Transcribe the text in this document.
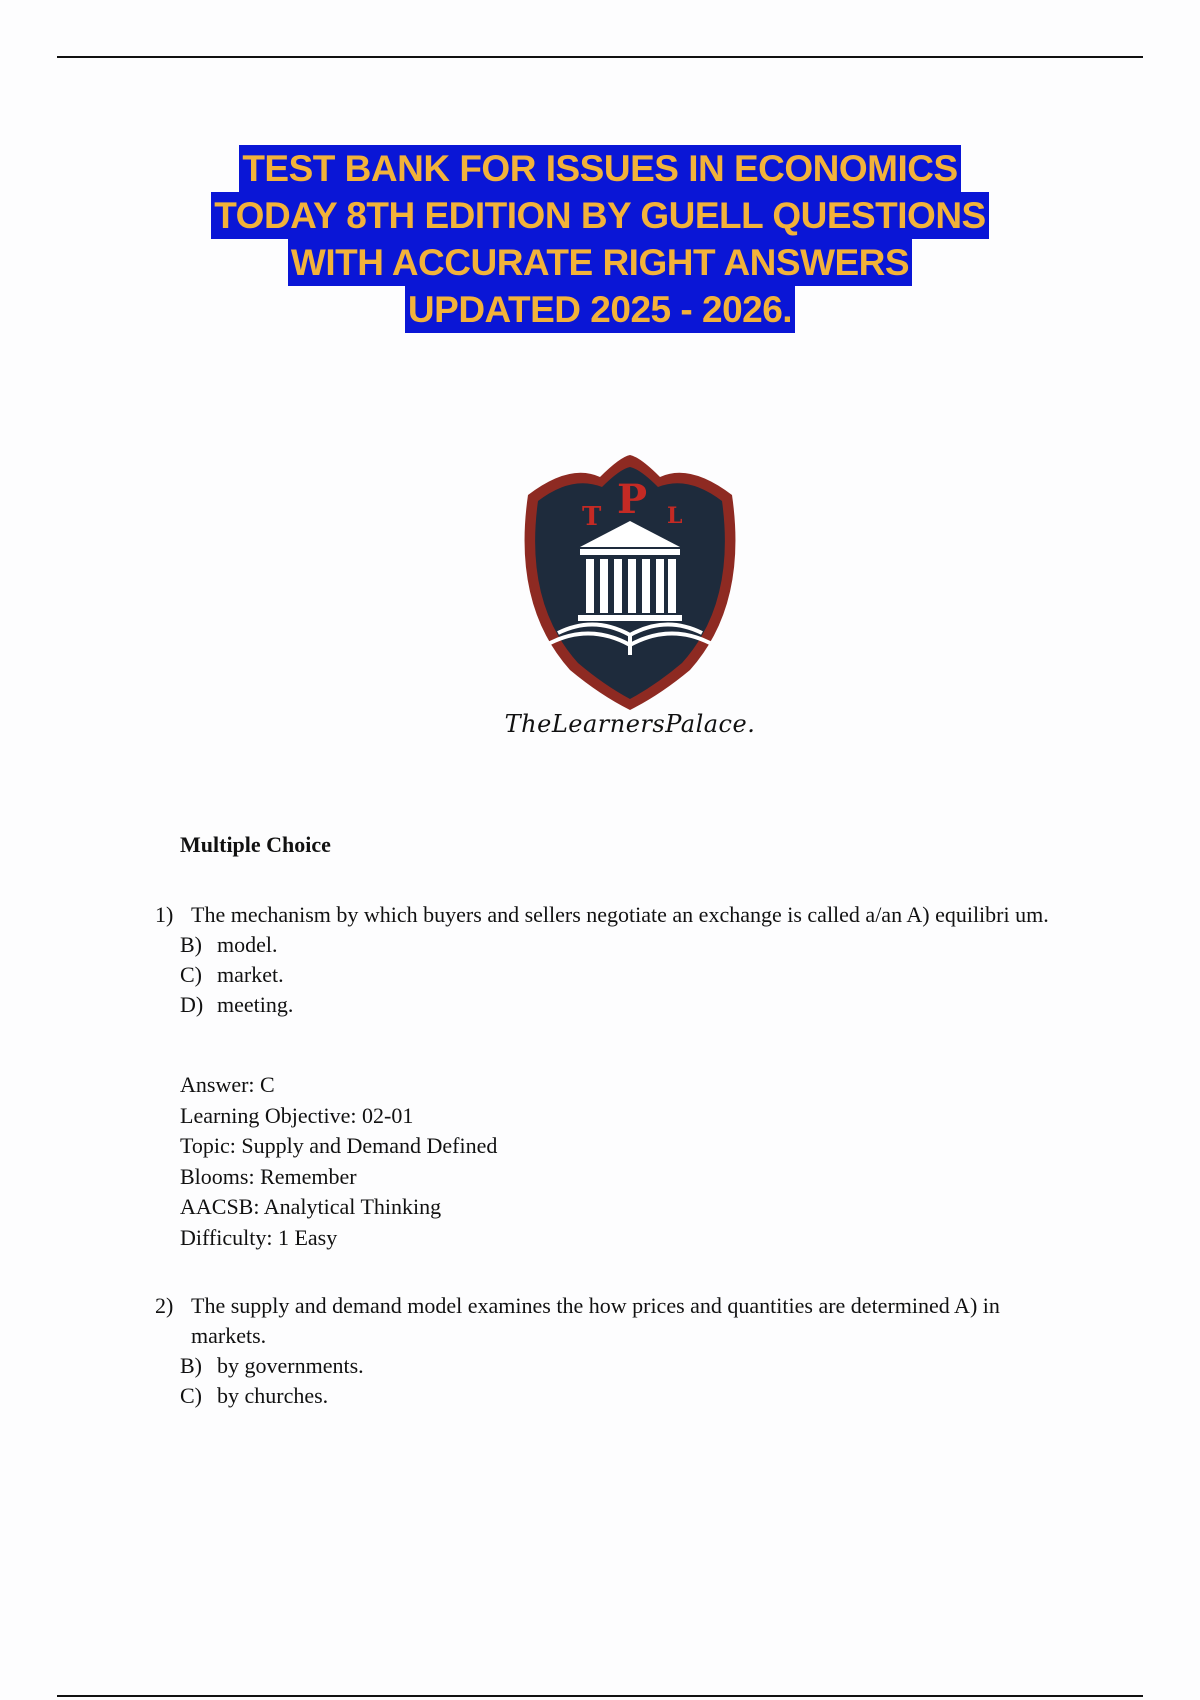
TEST BANK FOR ISSUES IN ECONOMICS
TODAY 8TH EDITION BY GUELL QUESTIONS
WITH ACCURATE RIGHT ANSWERS
UPDATED 2025 - 2026.
T P L
TheLearnersPalace.
Multiple Choice
1) The mechanism by which buyers and sellers negotiate an exchange is called a/an A) equilibri um.
B) model.
C) market.
D) meeting.
Answer: C
Learning Objective: 02-01
Topic: Supply and Demand Defined
Blooms: Remember
AACSB: Analytical Thinking
Difficulty: 1 Easy
2) The supply and demand model examines the how prices and quantities are determined A) in markets.
B) by governments.
C) by churches.
